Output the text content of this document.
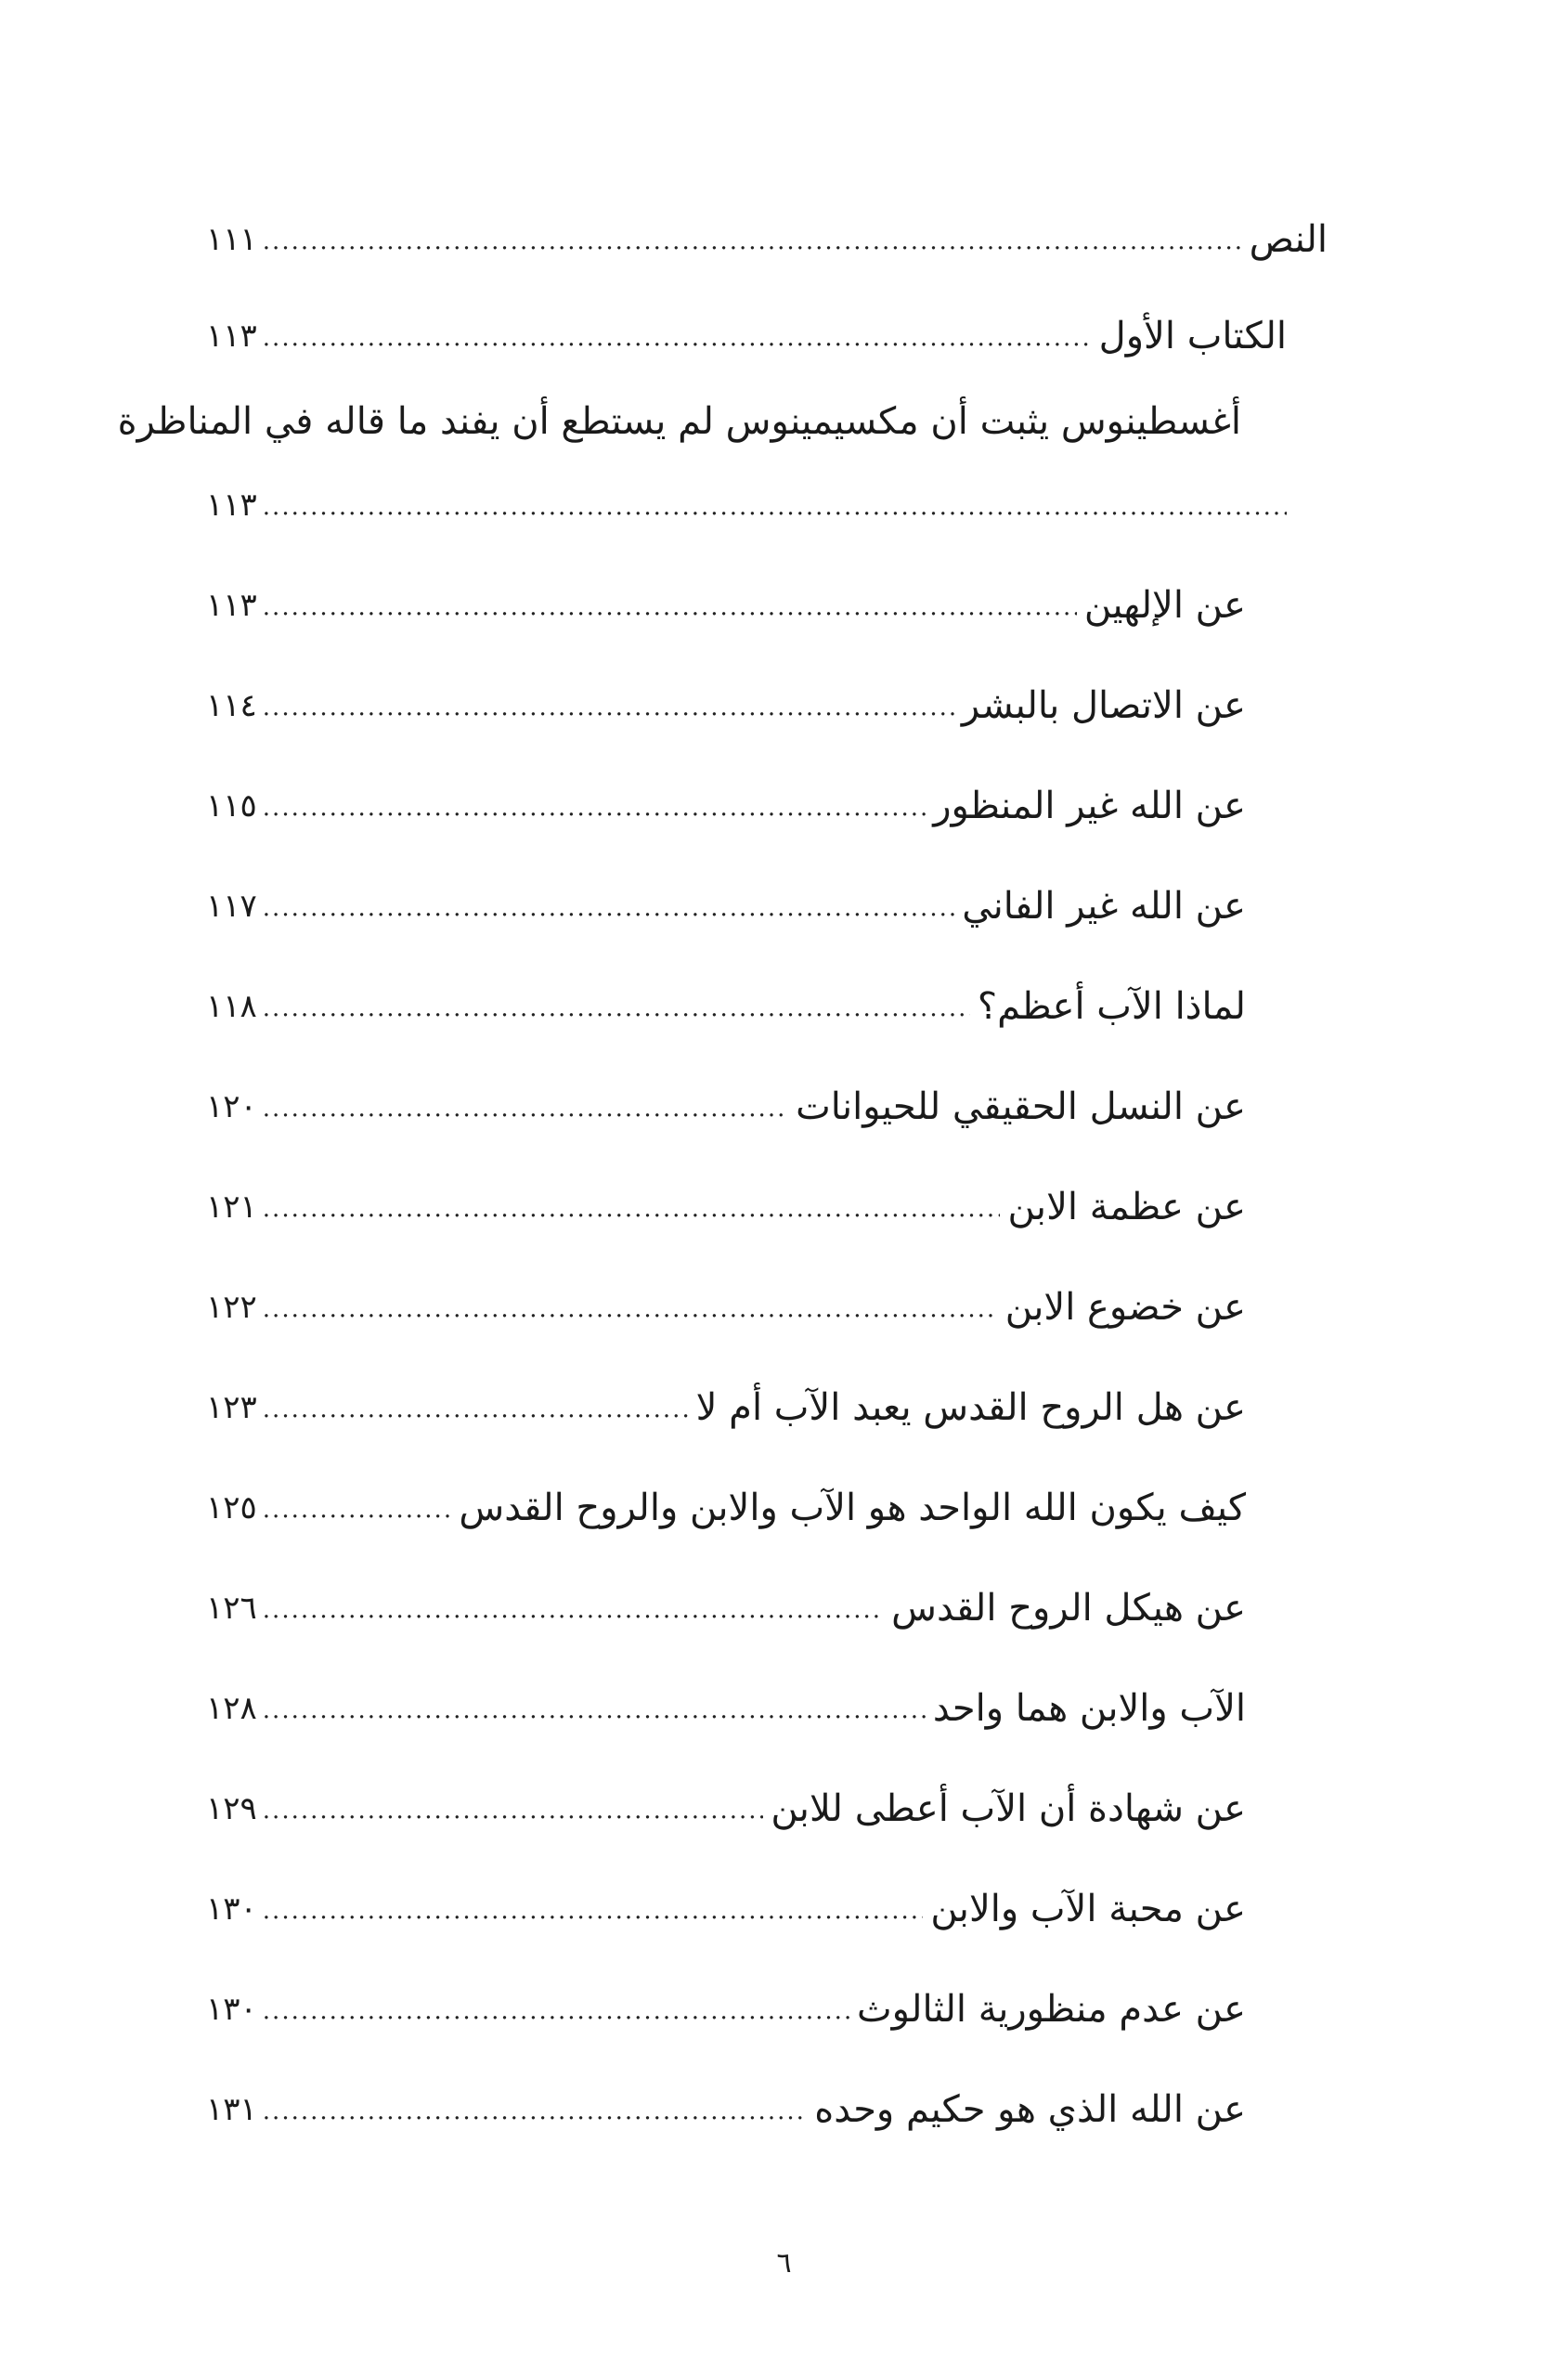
النص
.....
١١١
الكتاب الأول
.....
١١٣
أغسطينوس يثبت أن مكسيمينوس لم يستطع أن يفند ما قاله في المناظرة
.....
١١٣
عن الإلهين
.....
١١٣
عن الاتصال بالبشر
.....
١١٤
عن الله غير المنظور
.....
١١٥
عن الله غير الفاني
.....
١١٧
لماذا الآب أعظم؟
.....
١١٨
عن النسل الحقيقي للحيوانات
.....
١٢٠
عن عظمة الابن
.....
١٢١
عن خضوع الابن
.....
١٢٢
عن هل الروح القدس يعبد الآب أم لا
.....
١٢٣
كيف يكون الله الواحد هو الآب والابن والروح القدس
.....
١٢٥
عن هيكل الروح القدس
.....
١٢٦
الآب والابن هما واحد
.....
١٢٨
عن شهادة أن الآب أعطى للابن
.....
١٢٩
عن محبة الآب والابن
.....
١٣٠
عن عدم منظورية الثالوث
.....
١٣٠
عن الله الذي هو حكيم وحده
.....
١٣١
٦
